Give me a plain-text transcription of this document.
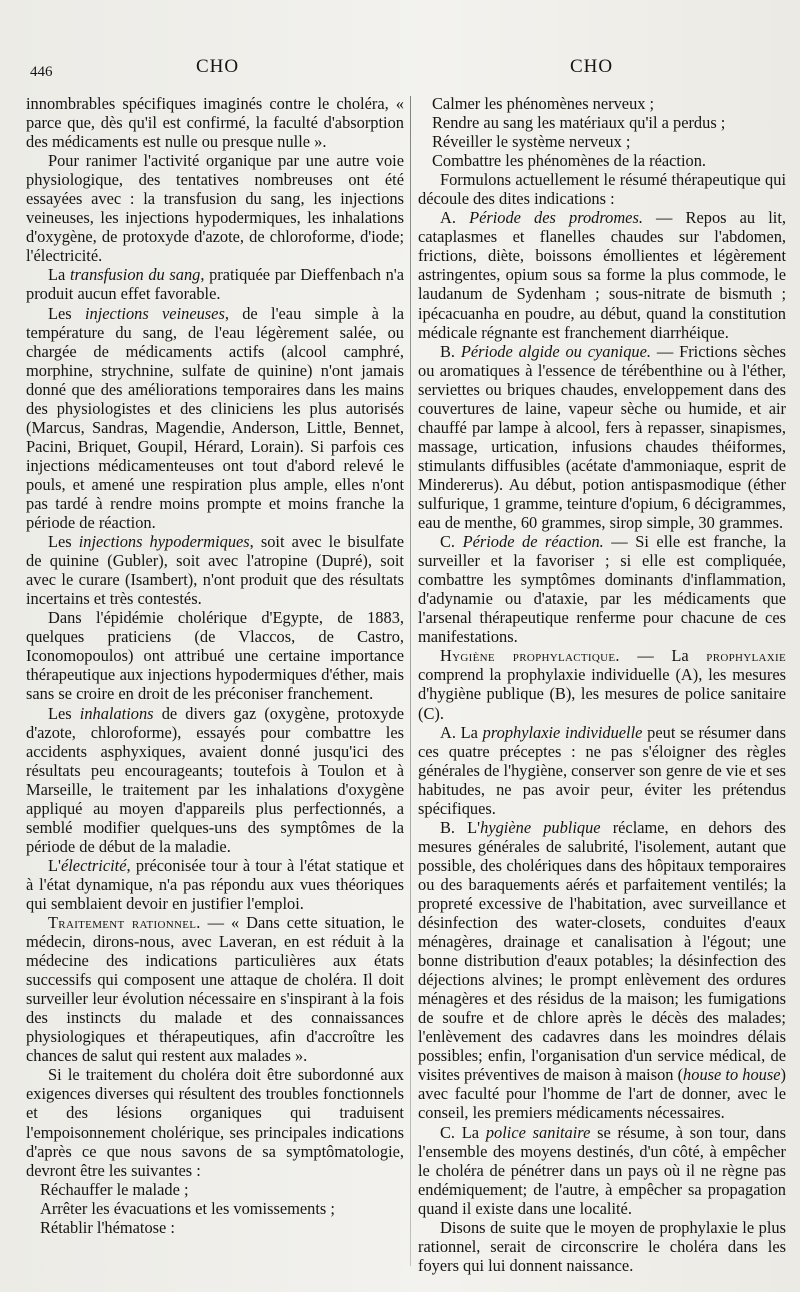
446	CHO	CHO

innombrables spécifiques imaginés contre le choléra, « parce que, dès qu'il est confirmé, la faculté d'absorption des médicaments est nulle ou presque nulle ».

Pour ranimer l'activité organique par une autre voie physiologique, des tentatives nombreuses ont été essayées avec : la transfusion du sang, les injections veineuses, les injections hypodermiques, les inhalations d'oxygène, de protoxyde d'azote, de chloroforme, d'iode; l'électricité.

La transfusion du sang, pratiquée par Dieffenbach n'a produit aucun effet favorable.

Les injections veineuses, de l'eau simple à la température du sang, de l'eau légèrement salée, ou chargée de médicaments actifs (alcool camphré, morphine, strychnine, sulfate de quinine) n'ont jamais donné que des améliorations temporaires dans les mains des physiologistes et des cliniciens les plus autorisés (Marcus, Sandras, Magendie, Anderson, Little, Bennet, Pacini, Briquet, Goupil, Hérard, Lorain). Si parfois ces injections médicamenteuses ont tout d'abord relevé le pouls, et amené une respiration plus ample, elles n'ont pas tardé à rendre moins prompte et moins franche la période de réaction.

Les injections hypodermiques, soit avec le bisulfate de quinine (Gubler), soit avec l'atropine (Dupré), soit avec le curare (Isambert), n'ont produit que des résultats incertains et très contestés.

Dans l'épidémie cholérique d'Egypte, de 1883, quelques praticiens (de Vlaccos, de Castro, Iconomopoulos) ont attribué une certaine importance thérapeutique aux injections hypodermiques d'éther, mais sans se croire en droit de les préconiser franchement.

Les inhalations de divers gaz (oxygène, protoxyde d'azote, chloroforme), essayés pour combattre les accidents asphyxiques, avaient donné jusqu'ici des résultats peu encourageants; toutefois à Toulon et à Marseille, le traitement par les inhalations d'oxygène appliqué au moyen d'appareils plus perfectionnés, a semblé modifier quelques-uns des symptômes de la période de début de la maladie.

L'électricité, préconisée tour à tour à l'état statique et à l'état dynamique, n'a pas répondu aux vues théoriques qui semblaient devoir en justifier l'emploi.

Traitement rationnel. — « Dans cette situation, le médecin, dirons-nous, avec Laveran, en est réduit à la médecine des indications particulières aux états successifs qui composent une attaque de choléra. Il doit surveiller leur évolution nécessaire en s'inspirant à la fois des instincts du malade et des connaissances physiologiques et thérapeutiques, afin d'accroître les chances de salut qui restent aux malades ».

Si le traitement du choléra doit être subordonné aux exigences diverses qui résultent des troubles fonctionnels et des lésions organiques qui traduisent l'empoisonnement cholérique, ses principales indications d'après ce que nous savons de sa symptômatologie, devront être les suivantes :

Réchauffer le malade ;

Arrêter les évacuations et les vomissements ;

Rétablir l'hématose :

Calmer les phénomènes nerveux ;

Rendre au sang les matériaux qu'il a perdus ;

Réveiller le système nerveux ;

Combattre les phénomènes de la réaction.

Formulons actuellement le résumé thérapeutique qui découle des dites indications :

A. Période des prodromes. — Repos au lit, cataplasmes et flanelles chaudes sur l'abdomen, frictions, diète, boissons émollientes et légèrement astringentes, opium sous sa forme la plus commode, le laudanum de Sydenham ; sous-nitrate de bismuth ; ipécacuanha en poudre, au début, quand la constitution médicale régnante est franchement diarrhéique.

B. Période algide ou cyanique. — Frictions sèches ou aromatiques à l'essence de térébenthine ou à l'éther, serviettes ou briques chaudes, enveloppement dans des couvertures de laine, vapeur sèche ou humide, et air chauffé par lampe à alcool, fers à repasser, sinapismes, massage, urtication, infusions chaudes théiformes, stimulants diffusibles (acétate d'ammoniaque, esprit de Mindererus). Au début, potion antispasmodique (éther sulfurique, 1 gramme, teinture d'opium, 6 décigrammes, eau de menthe, 60 grammes, sirop simple, 30 grammes.

C. Période de réaction. — Si elle est franche, la surveiller et la favoriser ; si elle est compliquée, combattre les symptômes dominants d'inflammation, d'adynamie ou d'ataxie, par les médicaments que l'arsenal thérapeutique renferme pour chacune de ces manifestations.

Hygiène prophylactique. — La prophylaxie comprend la prophylaxie individuelle (A), les mesures d'hygiène publique (B), les mesures de police sanitaire (C).

A. La prophylaxie individuelle peut se résumer dans ces quatre préceptes : ne pas s'éloigner des règles générales de l'hygiène, conserver son genre de vie et ses habitudes, ne pas avoir peur, éviter les prétendus spécifiques.

B. L'hygiène publique réclame, en dehors des mesures générales de salubrité, l'isolement, autant que possible, des cholériques dans des hôpitaux temporaires ou des baraquements aérés et parfaitement ventilés; la propreté excessive de l'habitation, avec surveillance et désinfection des water-closets, conduites d'eaux ménagères, drainage et canalisation à l'égout; une bonne distribution d'eaux potables; la désinfection des déjections alvines; le prompt enlèvement des ordures ménagères et des résidus de la maison; les fumigations de soufre et de chlore après le décès des malades; l'enlèvement des cadavres dans les moindres délais possibles; enfin, l'organisation d'un service médical, de visites préventives de maison à maison (house to house) avec faculté pour l'homme de l'art de donner, avec le conseil, les premiers médicaments nécessaires.

C. La police sanitaire se résume, à son tour, dans l'ensemble des moyens destinés, d'un côté, à empêcher le choléra de pénétrer dans un pays où il ne règne pas endémiquement; de l'autre, à empêcher sa propagation quand il existe dans une localité.

Disons de suite que le moyen de prophylaxie le plus rationnel, serait de circonscrire le choléra dans les foyers qui lui donnent naissance.
